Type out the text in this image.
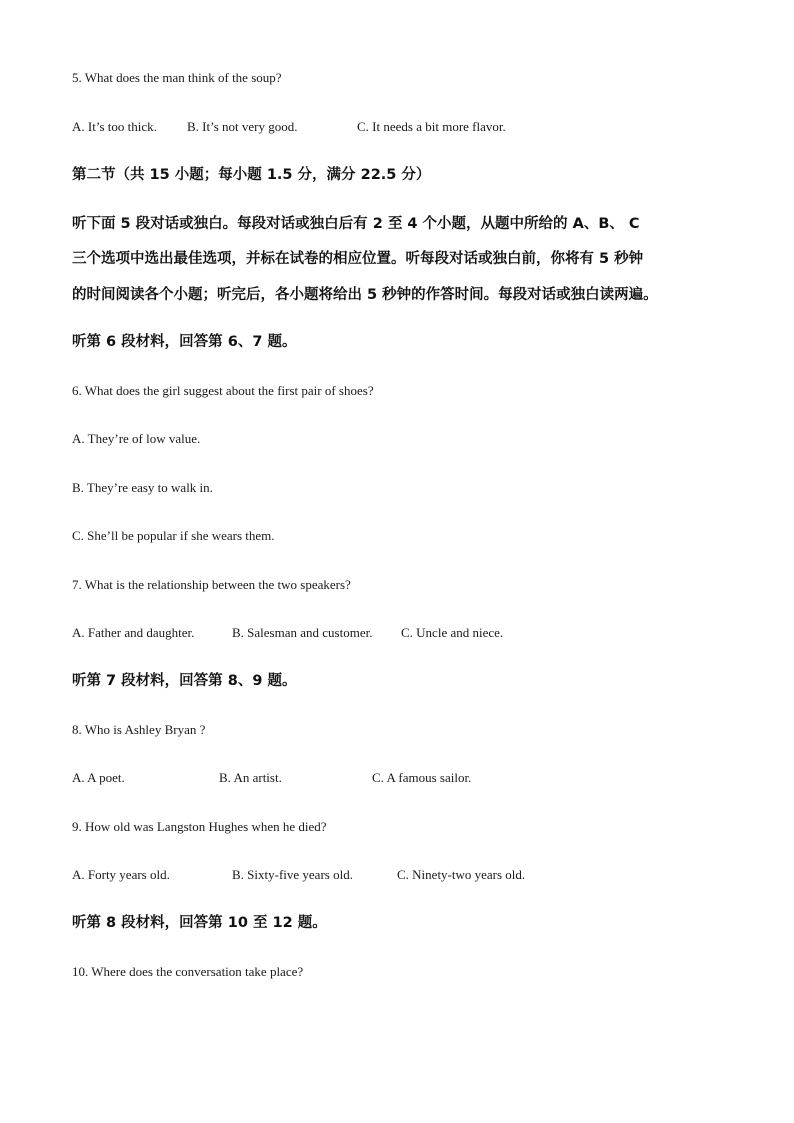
5. What does the man think of the soup?
A. It’s too thick. B. It’s not very good.	C. It needs a bit more flavor.
第二节（共 15 小题；每小题 1.5 分，满分 22.5 分）
听下面 5 段对话或独白。每段对话或独白后有 2 至 4 个小题，从题中所给的 A、B、 C
三个选项中选出最佳选项，并标在试卷的相应位置。听每段对话或独白前，你将有 5 秒钟
的时间阅读各个小题；听完后，各小题将给出 5 秒钟的作答时间。每段对话或独白读两遍。
听第 6 段材料，回答第 6、7 题。
6. What does the girl suggest about the first pair of shoes?
A. They’re of low value.
B. They’re easy to walk in.
C. She’ll be popular if she wears them.
7. What is the relationship between the two speakers?
A. Father and daughter.	B. Salesman and customer. C. Uncle and niece.
听第 7 段材料，回答第 8、9 题。
8. Who is Ashley Bryan ?
A. A poet.	B. An artist.	C. A famous sailor.
9. How old was Langston Hughes when he died?
A. Forty years old.	B. Sixty-five years old.	C. Ninety-two years old.
听第 8 段材料，回答第 10 至 12 题。
10. Where does the conversation take place?
